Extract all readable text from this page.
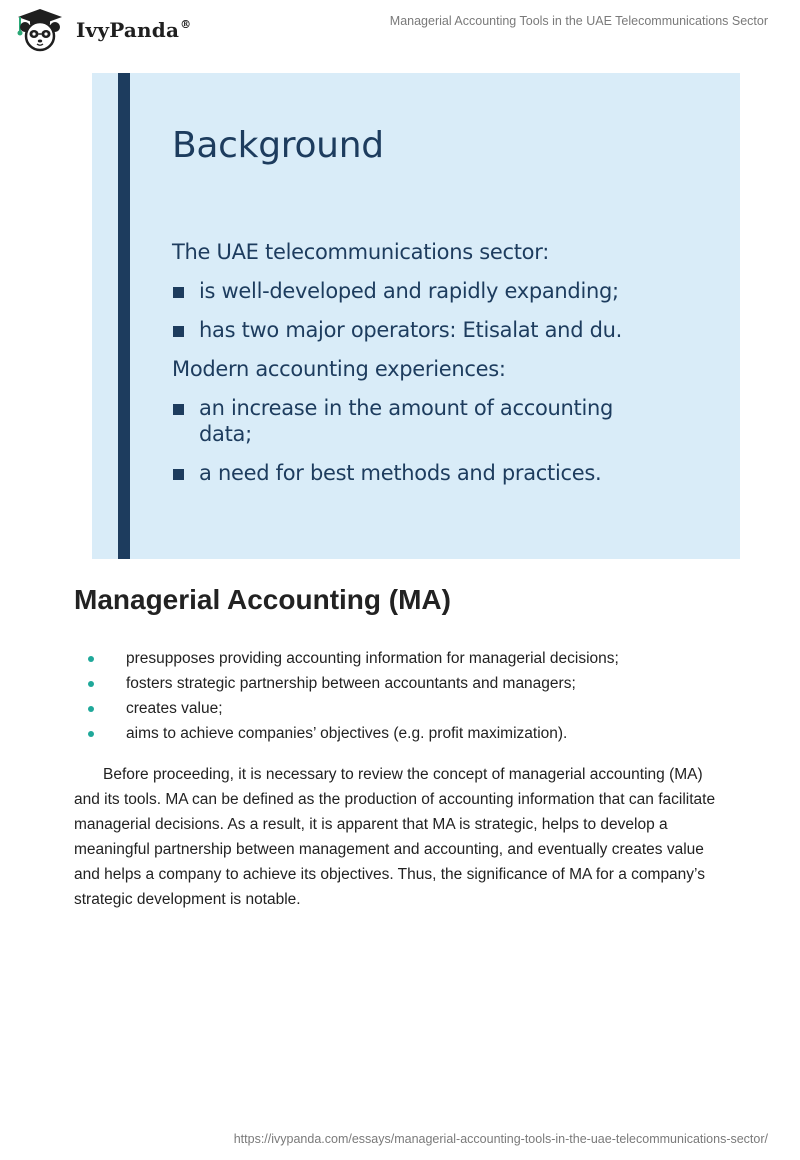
IvyPanda®	Managerial Accounting Tools in the UAE Telecommunications Sector
Background
The UAE telecommunications sector:
is well-developed and rapidly expanding;
has two major operators: Etisalat and du.
Modern accounting experiences:
an increase in the amount of accounting data;
a need for best methods and practices.
Managerial Accounting (MA)
presupposes providing accounting information for managerial decisions;
fosters strategic partnership between accountants and managers;
creates value;
aims to achieve companies’ objectives (e.g. profit maximization).

Before proceeding, it is necessary to review the concept of managerial accounting (MA) and its tools. MA can be defined as the production of accounting information that can facilitate managerial decisions. As a result, it is apparent that MA is strategic, helps to develop a meaningful partnership between management and accounting, and eventually creates value and helps a company to achieve its objectives. Thus, the significance of MA for a company’s strategic development is notable.

https://ivypanda.com/essays/managerial-accounting-tools-in-the-uae-telecommunications-sector/
